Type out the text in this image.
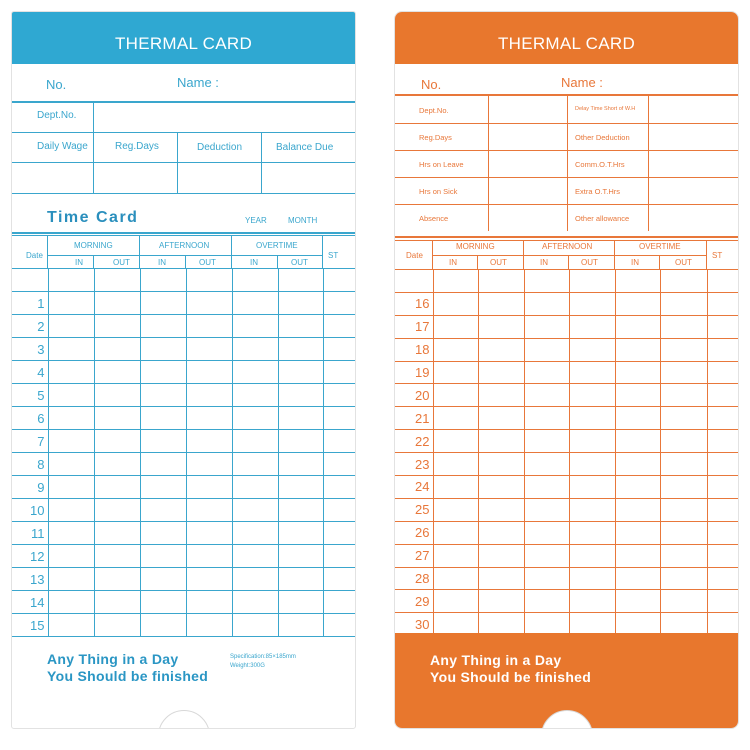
THERMAL CARD
No.	Name :
Dept.No.
Daily Wage	Reg.Days	Deduction	Balance Due
Time Card	YEAR	MONTH
Date
MORNING	AFTERNOON	OVERTIME
ST
IN	OUT	IN	OUT	IN	OUT

1							
2							
3							
4							
5							
6							
7							
8							
9							
10							
11							
12							
13							
14							
15							
Any Thing in a Day
You Should be finished
Specification:85×185mm
Weight:300G
THERMAL CARD
No.	Name :
Dept.No.	Delay Time Short of W.H
Reg.Days	Other Deduction
Hrs on Leave	Comm.O.T.Hrs
Hrs on Sick	Extra O.T.Hrs
Absence	Other allowance
Date
MORNING	AFTERNOON	OVERTIME
ST
IN	OUT	IN	OUT	IN	OUT

16							
17							
18							
19							
20							
21							
22							
23							
24							
25							
26							
27							
28							
29							
30							

Any Thing in a Day
You Should be finished
